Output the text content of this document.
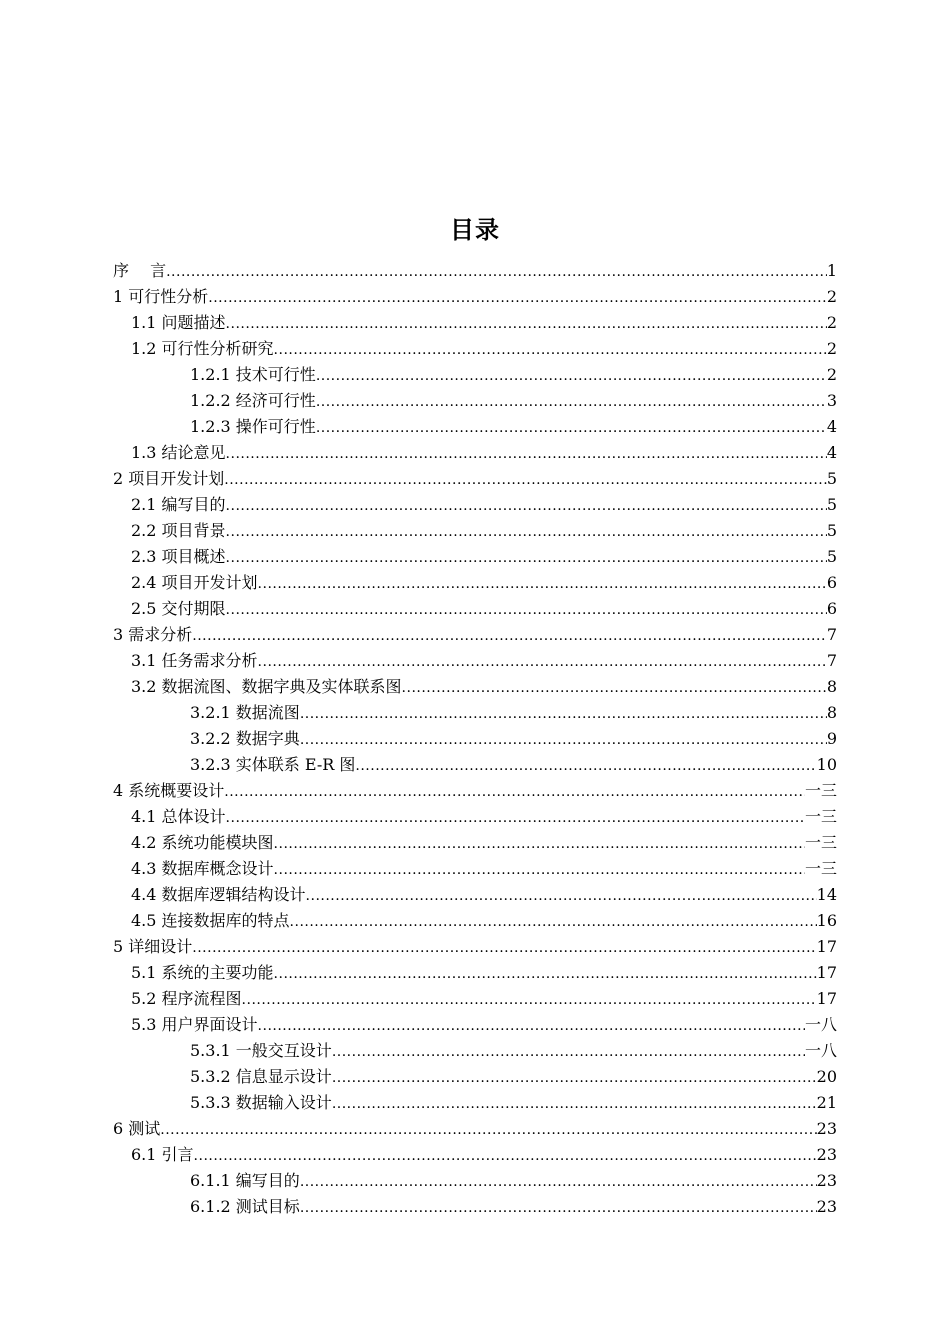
目录
序　 言 .....	1
1 可行性分析 .....	2
1.1 问题描述 .....	2
1.2 可行性分析研究 .....	2
1.2.1 技术可行性 .....	2
1.2.2 经济可行性 .....	3
1.2.3 操作可行性 .....	4
1.3 结论意见 .....	4
2 项目开发计划 .....	5
2.1 编写目的 .....	5
2.2 项目背景 .....	5
2.3 项目概述 .....	5
2.4 项目开发计划 .....	6
2.5 交付期限 .....	6
3 需求分析 .....	7
3.1 任务需求分析 .....	7
3.2 数据流图、数据字典及实体联系图 .....	8
3.2.1 数据流图 .....	8
3.2.2 数据字典 .....	9
3.2.3 实体联系 E-R 图 .....	10
4 系统概要设计 .....	一三
4.1 总体设计 .....	一三
4.2 系统功能模块图 .....	一三
4.3 数据库概念设计 .....	一三
4.4 数据库逻辑结构设计 .....	14
4.5 连接数据库的特点 .....	16
5 详细设计 .....	17
5.1 系统的主要功能 .....	17
5.2 程序流程图 .....	17
5.3 用户界面设计 .....	一八
5.3.1 一般交互设计 .....	一八
5.3.2 信息显示设计 .....	20
5.3.3 数据输入设计 .....	21
6 测试 .....	23
6.1 引言 .....	23
6.1.1 编写目的 .....	23
6.1.2 测试目标 .....	23
